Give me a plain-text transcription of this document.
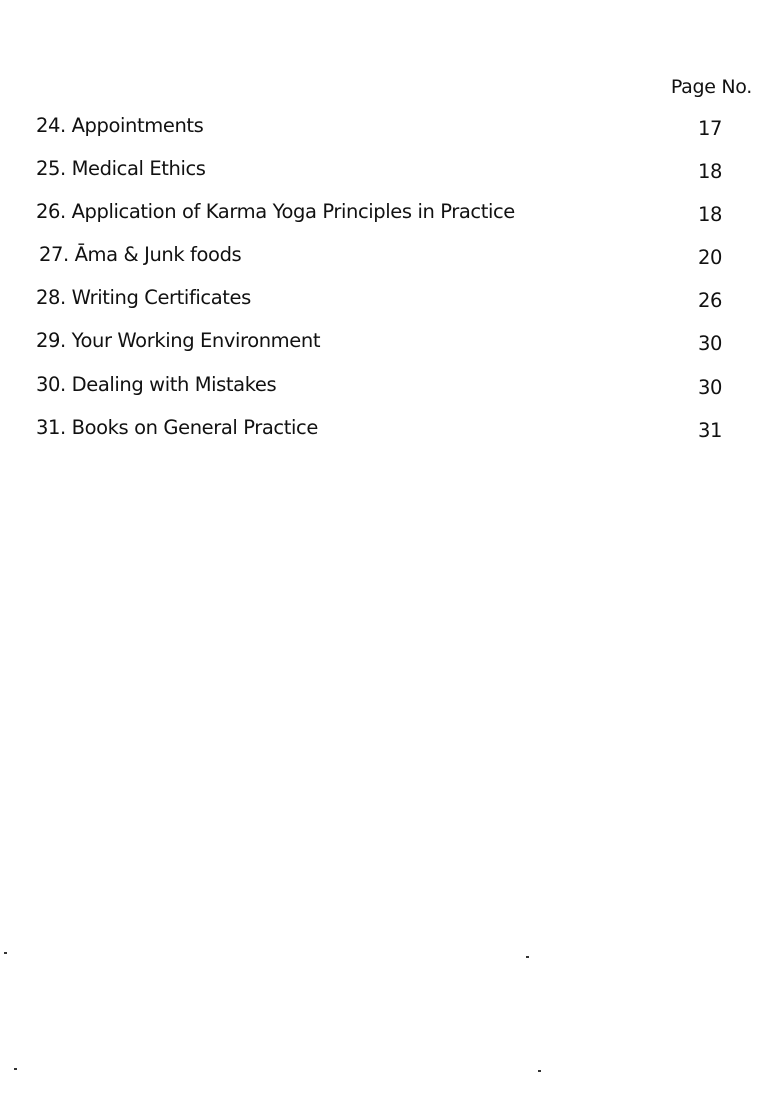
Page No.
24. Appointments	17
25. Medical Ethics	18
26. Application of Karma Yoga Principles in Practice	18
27. Āma & Junk foods	20
28. Writing Certificates	26
29. Your Working Environment	30
30. Dealing with Mistakes	30
31. Books on General Practice	31
